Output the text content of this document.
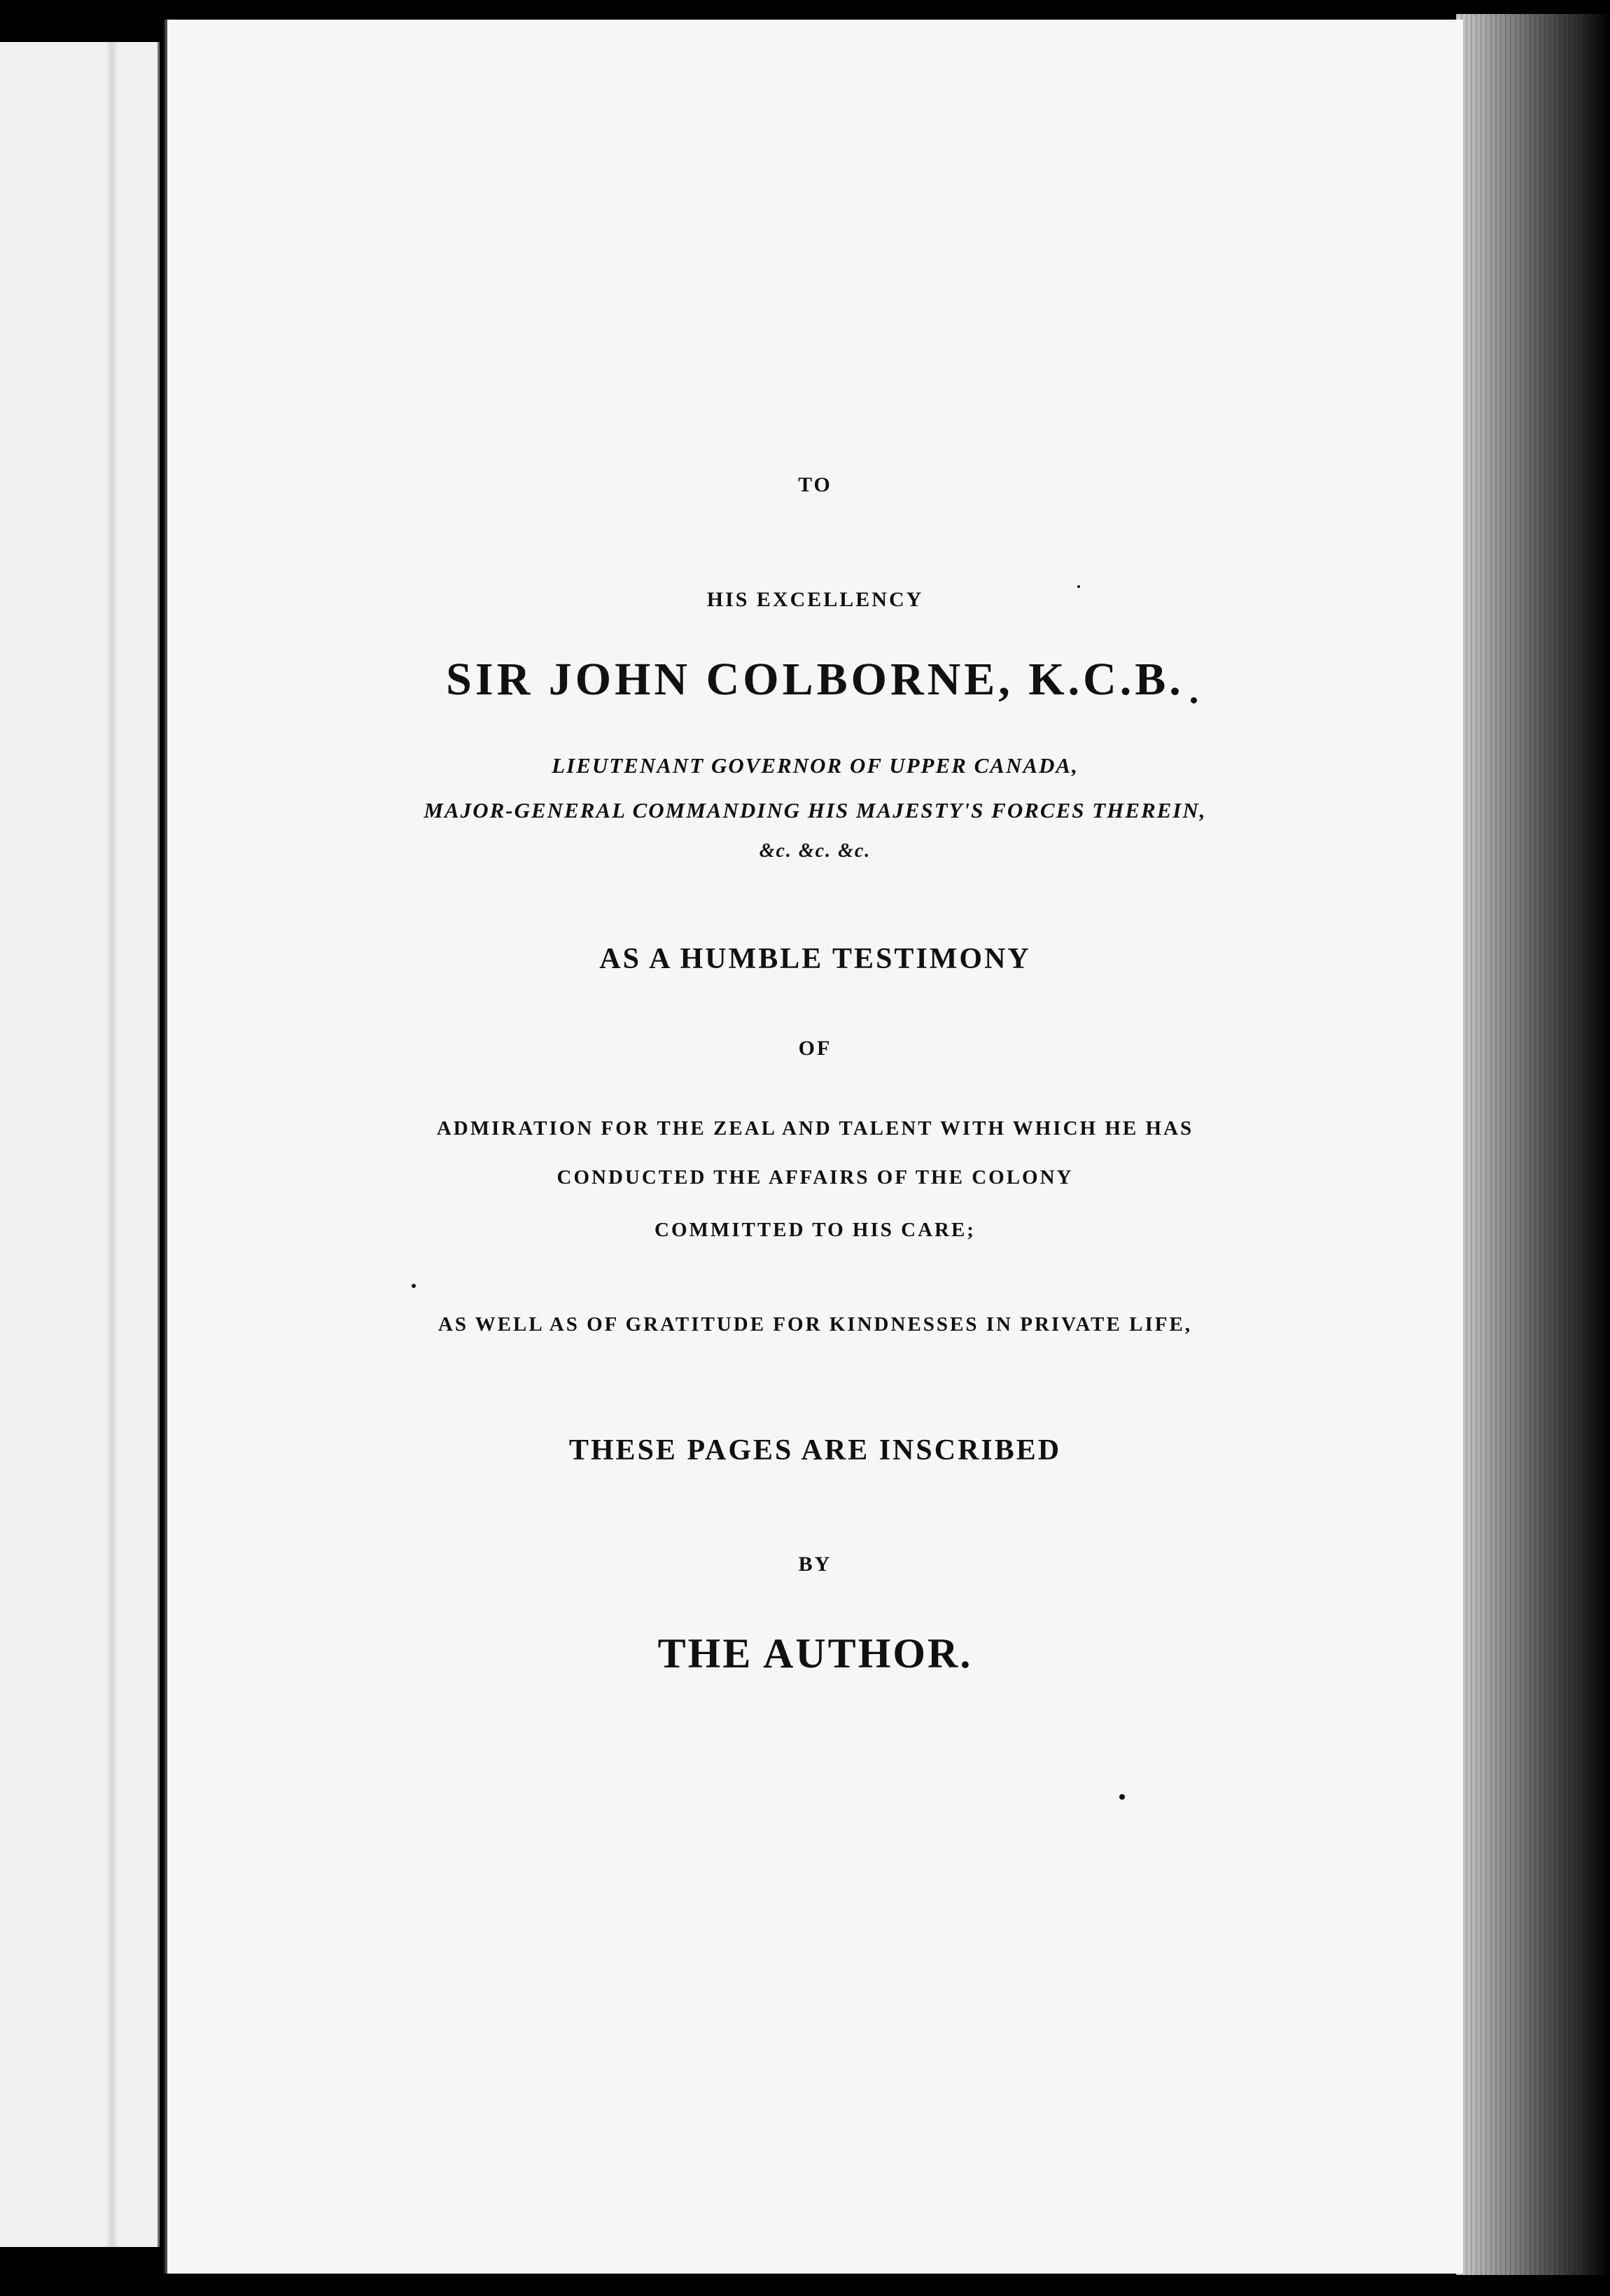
TO
HIS EXCELLENCY
SIR JOHN COLBORNE, K.C.B.
LIEUTENANT GOVERNOR OF UPPER CANADA,
MAJOR-GENERAL COMMANDING HIS MAJESTY'S FORCES THEREIN,
&c. &c. &c.
AS A HUMBLE TESTIMONY
OF
ADMIRATION FOR THE ZEAL AND TALENT WITH WHICH HE HAS
CONDUCTED THE AFFAIRS OF THE COLONY
COMMITTED TO HIS CARE;
AS WELL AS OF GRATITUDE FOR KINDNESSES IN PRIVATE LIFE,
THESE PAGES ARE INSCRIBED
BY
THE AUTHOR.
